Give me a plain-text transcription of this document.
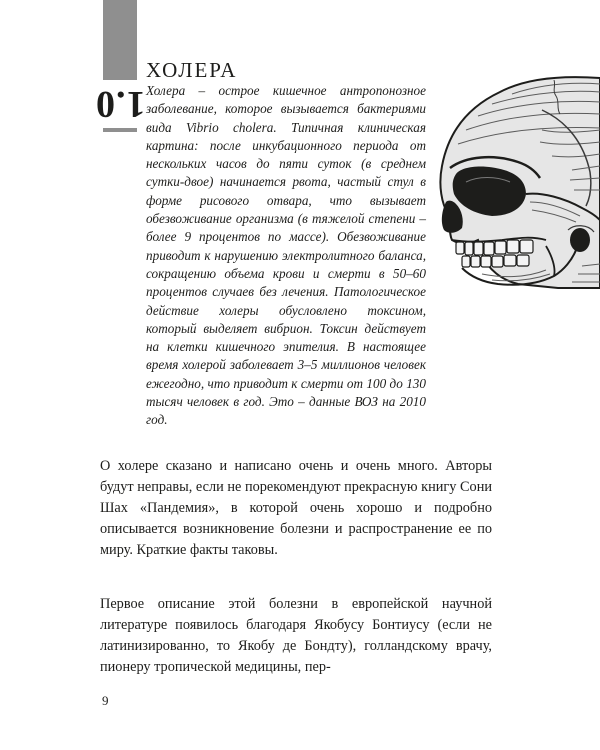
1.0
ХОЛЕРА

Холера – острое кишечное антропонозное заболевание, которое вызывается бактериями вида Vibrio cholera. Типичная клиническая картина: после инкубационного периода от нескольких часов до пяти суток (в среднем сутки-двое) начинается рвота, частый стул в форме рисового отвара, что вызывает обезвоживание организма (в тяжелой степени – более 9 процентов по массе). Обезвоживание приводит к нарушению электролитного баланса, сокращению объема крови и смерти в 50–60 процентов случаев без лечения. Патологическое действие холеры обусловлено токсином, который выделяет вибрион. Токсин действует на клетки кишечного эпителия. В настоящее время холерой заболевает 3–5 миллионов человек ежегодно, что приводит к смерти от 100 до 130 тысяч человек в год. Это – данные ВОЗ на 2010 год.

О холере сказано и написано очень и очень много. Авторы будут неправы, если не порекомендуют прекрасную книгу Сони Шах «Пандемия», в которой очень хорошо и подробно описывается возникновение болезни и распространение ее по миру. Краткие факты таковы.

Первое описание этой болезни в европейской научной литературе появилось благодаря Якобусу Бонтиусу (если не латинизированно, то Якобу де Бондту), голландскому врачу, пионеру тропической медицины, пер-

9
